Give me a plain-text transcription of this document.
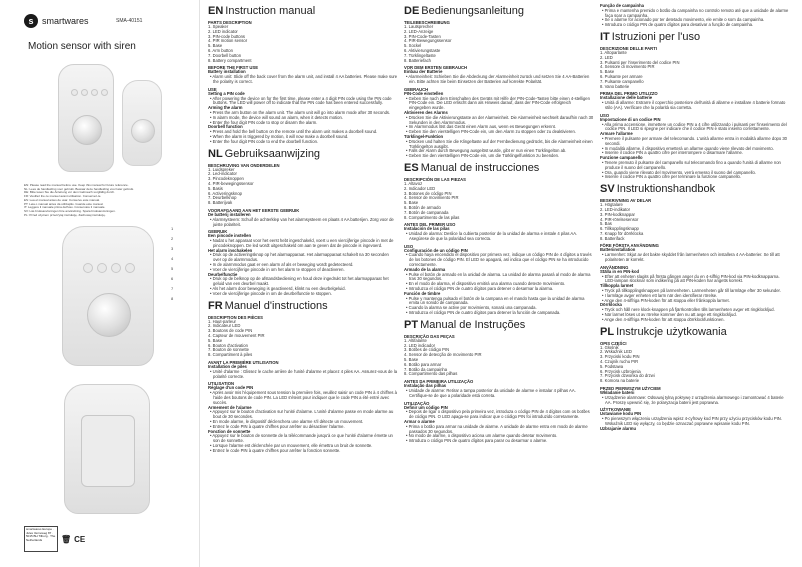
s smartwares	SMA-40151
Motion sensor with siren
EN: Please read the manual before use. Keep this manual for future reference.
NL: Lees de handleiding voor gebruik. Bewaar deze handleiding voor later gebruik.
DE: Bitte lesen Sie die Anleitung vor dem Gebrauch sorgfältig durch.
FR: Veuillez lire ce manuel avant utilisation. Conservez-le.
ES: Lea el manual antes de usar. Conserve este manual.
PT: Leia o manual antes da utilização. Guarde este manual.
IT: Leggere il manuale prima dell'uso. Conservare il manuale.
SV: Läs bruksanvisningen före användning. Spara bruksanvisningen.
PL: Przed użyciem przeczytaj instrukcję. Zachowaj instrukcję.
1
2
3
4
5
6
7
8
smartwares Europe · Jules Verneweg 87 · 5015 BH Tilburg · The Netherlands	🗑 CE
EN Instruction manual
PARTS DESCRIPTION
1. Speaker
2. LED indicator
3. PIN-code buttons
4. PIR motion sensor
5. Base
6. Arm button
7. Doorbell button
8. Battery compartment
BEFORE THE FIRST USE
Battery installation
• Alarm unit: Slide off the back cover from the alarm unit, and install 4 AA batteries. Please make sure the polarity is correct.
USE
Setting a PIN code
• After powering the device on for the first time, please enter a 4 digit PIN code using the PIN code buttons. The LED will power off to indicate that the PIN code has been entered successfully.
Arming the alarm
• Press the arm button on the alarm unit. The alarm unit will go into alarm mode after 30 seconds.
• In alarm mode, the device will sound an alarm, when it detects motion.
• Enter the four digit PIN code to stop or disarm the alarm.
Doorbell function
• Press and hold the bell button on the remote until the alarm unit makes a doorbell sound.
• When the alarm is triggered by motion, it will now make a doorbell sound.
• Enter the four digit PIN code to end the doorbell function.
NL Gebruiksaanwijzing
BESCHRIJVING VAN ONDERDELEN
1. Luidspreker
2. Led-indicator
3. Pincodeknoppen
4. PIR-bewegingssensor
5. Basis
6. Activeringsknop
7. Deurbelknop
8. Batterijvak
VOORAFGAAND AAN HET EERSTE GEBRUIK
De batterij installeren
• Alarmsysteem: Schuif de achterklep van het alarmsysteem en plaats 4 AA batterijen. Zorg voor de juiste polariteit.
GEBRUIK
Een pincode instellen
• Nadat u het apparaat voor het eerst hebt ingeschakeld, voert u een viercijferige pincode in met de pincodeknoppen. De led wordt uitgeschakeld om aan te geven dat de pincode is ingevoerd.
Het alarm inschakelen
• Druk op de activeringsknop op het alarmapparaat. Het alarmapparaat schakelt na 30 seconden over op de alarmmodus.
• In de alarmmodus gaat er een alarm af als er beweging wordt gedetecteerd.
• Voer de viercijferige pincode in om het alarm te stoppen of deactiveren.
Deurbelfunctie
• Druk op de belknop op de afstandsbediening en houd deze ingedrukt tot het alarmapparaat het geluid van een deurbel maakt.
• Als het alarm door beweging is geactiveerd, klinkt nu een deurbelgeluid.
• Voer de viercijferige pincode in om de deurbelfunctie te stoppen.
FR Manuel d'instructions
DESCRIPTION DES PIÈCES
1. Haut-parleur
2. Indicateur LED
3. Boutons de code PIN
4. Capteur de mouvement PIR
5. Base
6. Bouton d'activation
7. Bouton de sonnette
8. Compartiment à piles
AVANT LA PREMIÈRE UTILISATION
Installation de piles
• Unité d'alarme : Glissez le cache arrière de l'unité d'alarme et placez 4 piles AA. Assurez-vous de la polarité correcte.
UTILISATION
Réglage d'un code PIN
• Après avoir mis l'équipement sous tension la première fois, veuillez saisir un code PIN à 4 chiffres à l'aide des boutons de code PIN. La LED s'éteint pour indiquer que le code PIN a été entré avec succès.
Armement de l'alarme
• Appuyez sur le bouton d'activation sur l'unité d'alarme. L'unité d'alarme passe en mode alarme au bout de 30 secondes.
• En mode alarme, le dispositif déclenchera une alarme s'il détecte un mouvement.
• Entrez le code PIN à quatre chiffres pour arrêter ou désactiver l'alarme.
Fonction de sonnette
• Appuyez sur le bouton de sonnette de la télécommande jusqu'à ce que l'unité d'alarme émette un son de sonnette.
• Lorsque l'alarme est déclenchée par un mouvement, elle émettra un bruit de sonnette.
• Entrez le code PIN à quatre chiffres pour arrêter la fonction sonnette.
DE Bedienungsanleitung
TEILEBESCHREIBUNG
1. Lautsprecher
2. LED-Anzeige
3. PIN-Code-Tasten
4. PIR-Bewegungssensor
5. Sockel
6. Aktivierungstaste
7. Türklingeltaste
8. Batteriefach
VOR DEM ERSTEN GEBRAUCH
Einbau der Batterie
• Alarmeinheit: Schieben Sie die Abdeckung der Alarmeinheit zurück und setzen Sie 4 AA-Batterien ein. Bitte achten Sie beim Einsetzen der Batterien auf korrekte Polarität.
GEBRAUCH
PIN-Code einstellen
• Geben Sie nach dem Einschalten des Geräts mit Hilfe der PIN-Code-Tasten bitte einen 4-stelligen PIN-Code ein. Die LED erlischt dann als Hinweis darauf, dass der PIN-Code erfolgreich eingegeben wurde.
Aktivieren des Alarms
• Drücken Sie die Aktivierungstaste an der Alarmeinheit. Die Alarmeinheit wechselt daraufhin nach 30 Sekunden in den Alarmmodus.
• Im Alarmmodus löst das Gerät einen Alarm aus, wenn es Bewegungen erkennt.
• Geben Sie den vierstelligen PIN-Code ein, um den Alarm zu stoppen oder zu deaktivieren.
Türklingel-Funktion
• Drücken und halten Sie die Klingeltaste auf der Fernbedienung gedrückt, bis die Alarmeinheit einen Türklingelton ausgibt.
• Falls der Alarm durch Bewegung ausgelöst wurde, gibt er nun einen Türklingelton ab.
• Geben Sie den vierstelligen PIN-Code ein, um die Türklingelfunktion zu beenden.
ES Manual de instrucciones
DESCRIPCIÓN DE LAS PIEZAS
1. Altavoz
2. Indicador LED
3. Botones de código PIN
4. Sensor de movimiento PIR
5. Base
6. Botón de armado
7. Botón de campanada
8. Compartimento de las pilas
ANTES DEL PRIMER USO
Instalación de las pilas
• Unidad de alarma: Deslice la cubierta posterior de la unidad de alarma e instale 4 pilas AA. Asegúrese de que la polaridad sea correcta.
USO
Configuración de un código PIN
• Cuando haya encendido el dispositivo por primera vez, indique un código PIN de 4 dígitos a través de los botones de código PIN. El LED se apagará, así indica que el código PIN se ha introducido correctamente.
Armado de la alarma
• Pulse el botón de armado en la unidad de alarma. La unidad de alarma pasará al modo de alarma tras 30 segundos.
• En el modo de alarma, el dispositivo emitirá una alarma cuando detecte movimiento.
• Introduzca el código PIN de cuatro dígitos para detener o desarmar la alarma.
Función de timbre
• Pulse y mantenga pulsado el botón de la campana en el mando hasta que la unidad de alarma emita un sonido de campanada.
• Cuando la alarma se active por movimiento, sonará una campanada.
• Introduzca el código PIN de cuatro dígitos para detener la función de campanada.
PT Manual de Instruções
DESCRIÇÃO DAS PEÇAS
1. Altifalante
2. LED indicador
3. Botões de código PIN
4. Sensor de detecção de movimento PIR
5. Base
6. Botão para armar
7. Botão da campainha
8. Compartimento das pilhas
ANTES DA PRIMEIRA UTILIZAÇÃO
Instalação das pilhas
• Unidade de alarme: Retirar a tampa posterior da unidade de alarme e instalar 4 pilhas AA. Certifique-se de que a polaridade está correta.
UTILIZAÇÃO
Definir um código PIN
• Depois de ligar o dispositivo pela primeira vez, introduza o código PIN de 4 dígitos com os botões de código PIN. O LED apaga-se para indicar que o código PIN foi introduzido corretamente.
Armar o alarme
• Prima o botão para armar na unidade de alarme. A unidade de alarme entra em modo de alarme passados 30 segundos.
• No modo de alarme, o dispositivo aciona um alarme quando detetar movimento.
• Introduza o código PIN de quatro dígitos para parar ou desarmar o alarme.
Função de campainha
• Prima e mantenha premido o botão da campainha no controlo remoto até que a unidade de alarme faça soar a campainha.
• Se o alarme for acionado por ter detetado movimento, ele emite o som da campainha.
• Introduza o código PIN de quatro dígitos para desativar a função de campainha.
IT Istruzioni per l'uso
DESCRIZIONE DELLE PARTI
1. Altoparlante
2. LED
3. Pulsanti per l'inserimento del codice PIN
4. Sensore di movimento PIR
5. Base
6. Pulsante per armare
7. Pulsante campanello
8. Vano batterie
PRIMA DEL PRIMO UTILIZZO
Installazione delle batterie
• Unità di allarme: Estrarre il coperchio posteriore dell'unità di allarme e installare 4 batterie formato stilo (AA). Verificare che la polarità sia corretta.
USO
Impostazione di un codice PIN
• Alla prima accensione, immettere un codice PIN a 4 cifre utilizzando i pulsanti per l'inserimento del codice PIN. Il LED si spegne per indicare che il codice PIN è stato inserito correttamente.
Armare l'allarme
• Premere il pulsante per armare del telecomando. L'unità allarme entra in modalità allarme dopo 30 secondi.
• In modalità allarme, il dispositivo emetterà un allarme quando viene rilevato del movimento.
• Inserire il codice PIN a quattro cifre per interrompere o disarmare l'allarme.
Funzione campanello
• Tenere premuto il pulsante del campanello sul telecomando fino a quando l'unità di allarme non produce il suono del campanello.
• Ora, quando viene rilevato del movimento, verrà emesso il suono del campanello.
• Inserire il codice PIN a quattro cifre per terminare la funzione campanello.
SV Instruktionshandbok
BESKRIVNING AV DELAR
1. Högtalare
2. LED-indikator
3. PIN-kodknappar
4. PIR-rörelsesensor
5. Bas
6. Tillkopplingsknapp
7. Knapp för dörrklocka
8. Batterifack
FÖRE FÖRSTA ANVÄNDNING
Batteriinstallation
• Larmenhet: Skjut av det bakre skyddet från larmenheten och installera 4 AA-batterier. Se till att polariteten är korrekt.
ANVÄNDNING
Ställa in en PIN-kod
• Efter att enheten slagits på första gången anger du en 4-siffrig PIN-kod via PIN-kodknapparna. LED-lampan slocknar som indikering på att PIN-koden har angetts korrekt.
Tillkoppla larmet
• Tryck på tillkopplingsknappen på larmenheten. Larmenheten går till larmläge efter 30 sekunder.
• I larmläge avger enheten ett larm när den identifierar rörelse.
• Ange den 4-siffriga PIN-koden för att stoppa eller frånkoppla larmet.
Dörrklocka
• Tryck och håll nere klock-knappen på fjärrkontrollen tills larmenheten avger ett ringklockljud.
• När larmet löses ut av rörelse kommer den nu att avge ett ringklockljud.
• Ange den 4-siffriga PIN-koden för att stoppa dörrklockfunktionen.
PL Instrukcje użytkowania
OPIS CZĘŚCI
1. Głośnik
2. Wskaźnik LED
3. Przyciski kodu PIN
4. Czujnik ruchu PIR
5. Podstawa
6. Przycisk uzbrojenia
7. Przycisk dzwonka do drzwi
8. Komora na baterie
PRZED PIERWSZYM UŻYCIEM
Wkładanie baterii
• Urządzenie alarmowe: Odsuwaj tylną pokrywę z urządzenia alarmowego i zamontować 4 baterie AA. Proszę upewnić się, że polaryzacja baterii jest poprawna.
UŻYTKOWANIE
Ustawianie kodu PIN
• Po pierwszym włączeniu urządzenia wpisz 4-cyfrowy kod PIN przy użyciu przycisków kodu PIN. Wskaźnik LED się wyłączy, co będzie oznaczać poprawne wpisanie kodu PIN.
Uzbrajanie alarmu
